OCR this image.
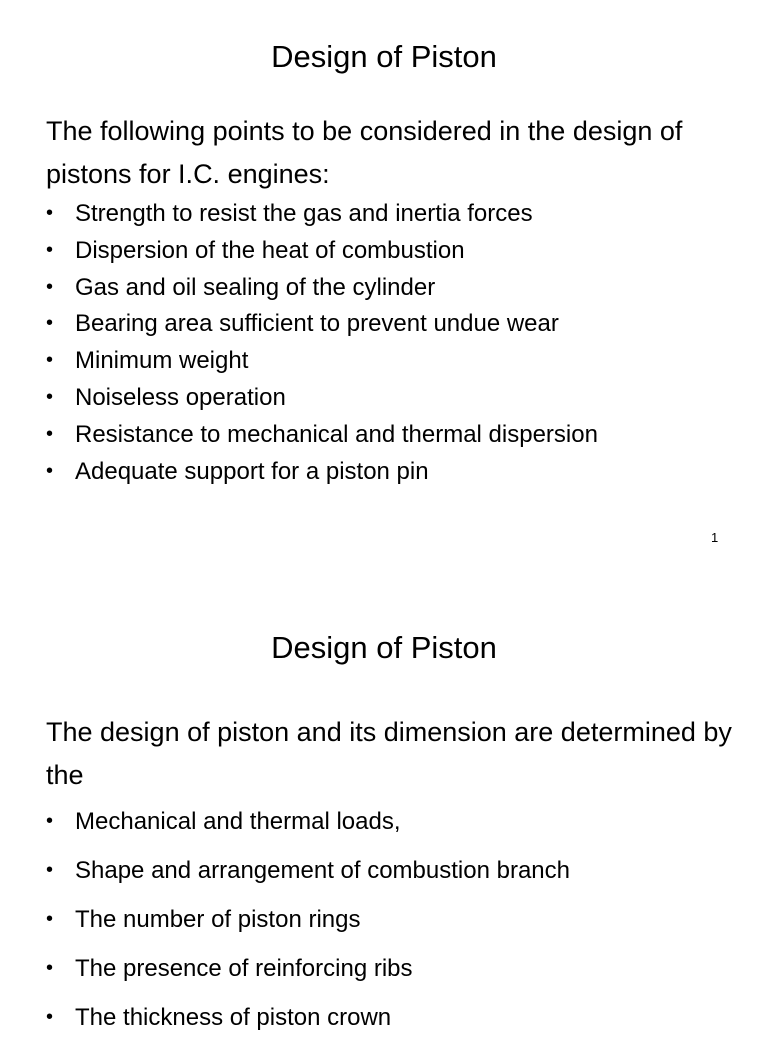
Design of Piston
The following points to be considered in the design of pistons for I.C. engines:
• Strength to resist the gas and inertia forces
• Dispersion of the heat of combustion
• Gas and oil sealing of the cylinder
• Bearing area sufficient to prevent undue wear
• Minimum weight
• Noiseless operation
• Resistance to mechanical and thermal dispersion
• Adequate support for a piston pin
1
Design of Piston
The design of piston and its dimension are determined by the
• Mechanical and thermal loads,
• Shape and arrangement of combustion branch
• The number of piston rings
• The presence of reinforcing ribs
• The thickness of piston crown
